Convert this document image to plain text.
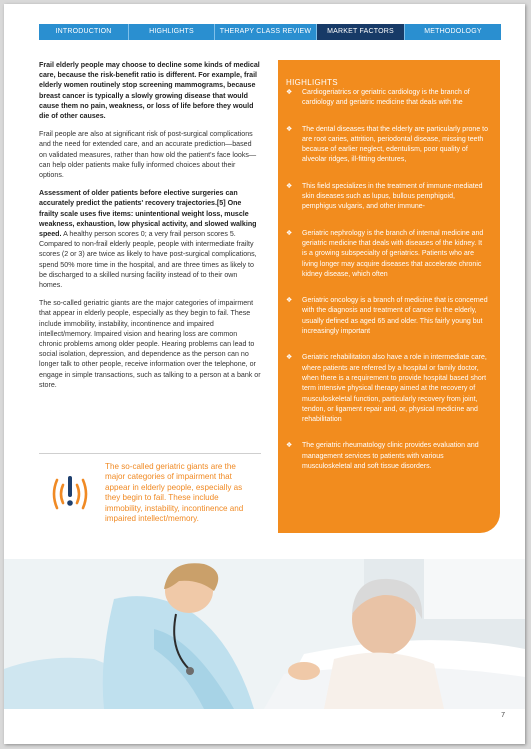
INTRODUCTION	HIGHLIGHTS	THERAPY CLASS REVIEW	MARKET FACTORS	METHODOLOGY

Frail elderly people may choose to decline some kinds of medical care, because the risk-benefit ratio is different. For example, frail elderly women routinely stop screening mammograms, because breast cancer is typically a slowly growing disease that would cause them no pain, weakness, or loss of life before they would die of other causes.

Frail people are also at significant risk of post-surgical complications and the need for extended care, and an accurate prediction—based on validated measures, rather than how old the patient's face looks—can help older patients make fully informed choices about their options.

Assessment of older patients before elective surgeries can accurately predict the patients' recovery trajectories.[5] One frailty scale uses five items: unintentional weight loss, muscle weakness, exhaustion, low physical activity, and slowed walking speed. A healthy person scores 0; a very frail person scores 5. Compared to non-frail elderly people, people with intermediate frailty scores (2 or 3) are twice as likely to have post-surgical complications, spend 50% more time in the hospital, and are three times as likely to be discharged to a skilled nursing facility instead of to their own homes.

The so-called geriatric giants are the major categories of impairment that appear in elderly people, especially as they begin to fail. These include immobility, instability, incontinence and impaired intellect/memory. Impaired vision and hearing loss are common chronic problems among older people. Hearing problems can lead to social isolation, depression, and dependence as the person can no longer talk to other people, receive information over the telephone, or engage in simple transactions, such as talking to a person at a bank or store.

The so-called geriatric giants are the major categories of impairment that appear in elderly people, especially as they begin to fail. These include immobility, instability, incontinence and impaired intellect/memory.
HIGHLIGHTS
❖ Cardiogeriatrics or geriatric cardiology is the branch of cardiology and geriatric medicine that deals with the
❖ The dental diseases that the elderly are particularly prone to are root caries, attrition, periodontal disease, missing teeth because of earlier neglect, edentulism, poor quality of alveolar ridges, ill-fitting dentures,
❖ This field specializes in the treatment of immune-mediated skin diseases such as lupus, bullous pemphigoid, pemphigus vulgaris, and other immune-
❖ Geriatric nephrology is the branch of internal medicine and geriatric medicine that deals with diseases of the kidney. It is a growing subspecialty of geriatrics. Patients who are living longer may acquire diseases that accelerate chronic kidney disease, which often
❖ Geriatric oncology is a branch of medicine that is concerned with the diagnosis and treatment of cancer in the elderly, usually defined as aged 65 and older. This fairly young but increasingly important
❖ Geriatric rehabilitation also have a role in intermediate care, where patients are referred by a hospital or family doctor, when there is a requirement to provide hospital based short term intensive physical therapy aimed at the recovery of musculoskeletal function, particularly recovery from joint, tendon, or ligament repair and, or, physical medicine and rehabilitation
❖ The geriatric rheumatology clinic provides evaluation and management services to patients with various musculoskeletal and soft tissue disorders.
7
